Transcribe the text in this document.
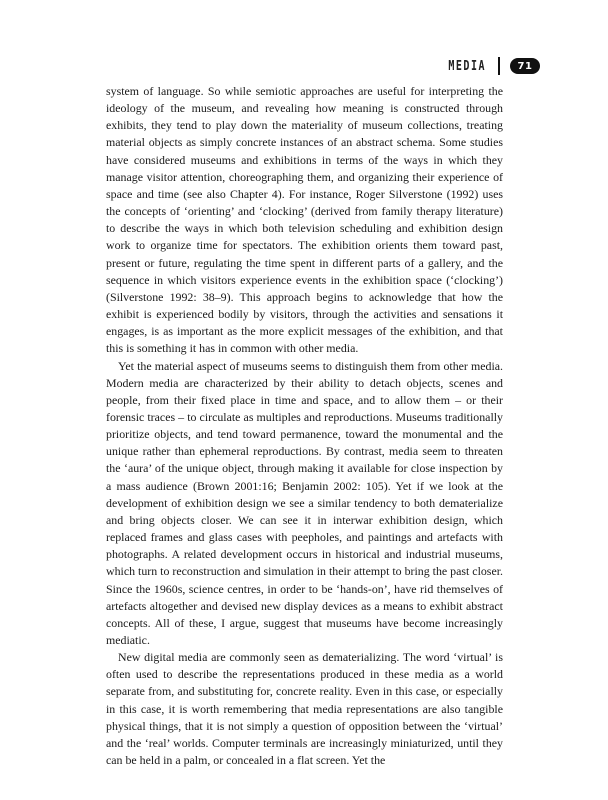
MEDIA	71

system of language. So while semiotic approaches are useful for interpreting the ideology of the museum, and revealing how meaning is constructed through exhibits, they tend to play down the materiality of museum collections, treating material objects as simply concrete instances of an abstract schema. Some studies have considered museums and exhibitions in terms of the ways in which they manage visitor attention, choreographing them, and organizing their experience of space and time (see also Chapter 4). For instance, Roger Silverstone (1992) uses the concepts of ‘orienting’ and ‘clocking’ (derived from family therapy literature) to describe the ways in which both television scheduling and exhibition design work to organize time for spectators. The exhibition orients them toward past, present or future, regulating the time spent in different parts of a gallery, and the sequence in which visitors experience events in the exhibition space (‘clocking’) (Silverstone 1992: 38–9). This approach begins to acknowledge that how the exhibit is experienced bodily by visitors, through the activities and sensations it engages, is as important as the more explicit messages of the exhibition, and that this is something it has in common with other media.

Yet the material aspect of museums seems to distinguish them from other media. Modern media are characterized by their ability to detach objects, scenes and people, from their fixed place in time and space, and to allow them – or their forensic traces – to circulate as multiples and reproductions. Museums traditionally prioritize objects, and tend toward permanence, toward the monumental and the unique rather than ephemeral reproductions. By contrast, media seem to threaten the ‘aura’ of the unique object, through making it available for close inspection by a mass audience (Brown 2001:16; Benjamin 2002: 105). Yet if we look at the development of exhibition design we see a similar tendency to both dematerialize and bring objects closer. We can see it in interwar exhibition design, which replaced frames and glass cases with peepholes, and paintings and artefacts with photographs. A related development occurs in historical and industrial museums, which turn to reconstruction and simulation in their attempt to bring the past closer. Since the 1960s, science centres, in order to be ‘hands-on’, have rid themselves of artefacts altogether and devised new display devices as a means to exhibit abstract concepts. All of these, I argue, suggest that museums have become increasingly mediatic.

New digital media are commonly seen as dematerializing. The word ‘virtual’ is often used to describe the representations produced in these media as a world separate from, and substituting for, concrete reality. Even in this case, or especially in this case, it is worth remembering that media representations are also tangible physical things, that it is not simply a question of opposition between the ‘virtual’ and the ‘real’ worlds. Computer terminals are increasingly miniaturized, until they can be held in a palm, or concealed in a flat screen. Yet the
